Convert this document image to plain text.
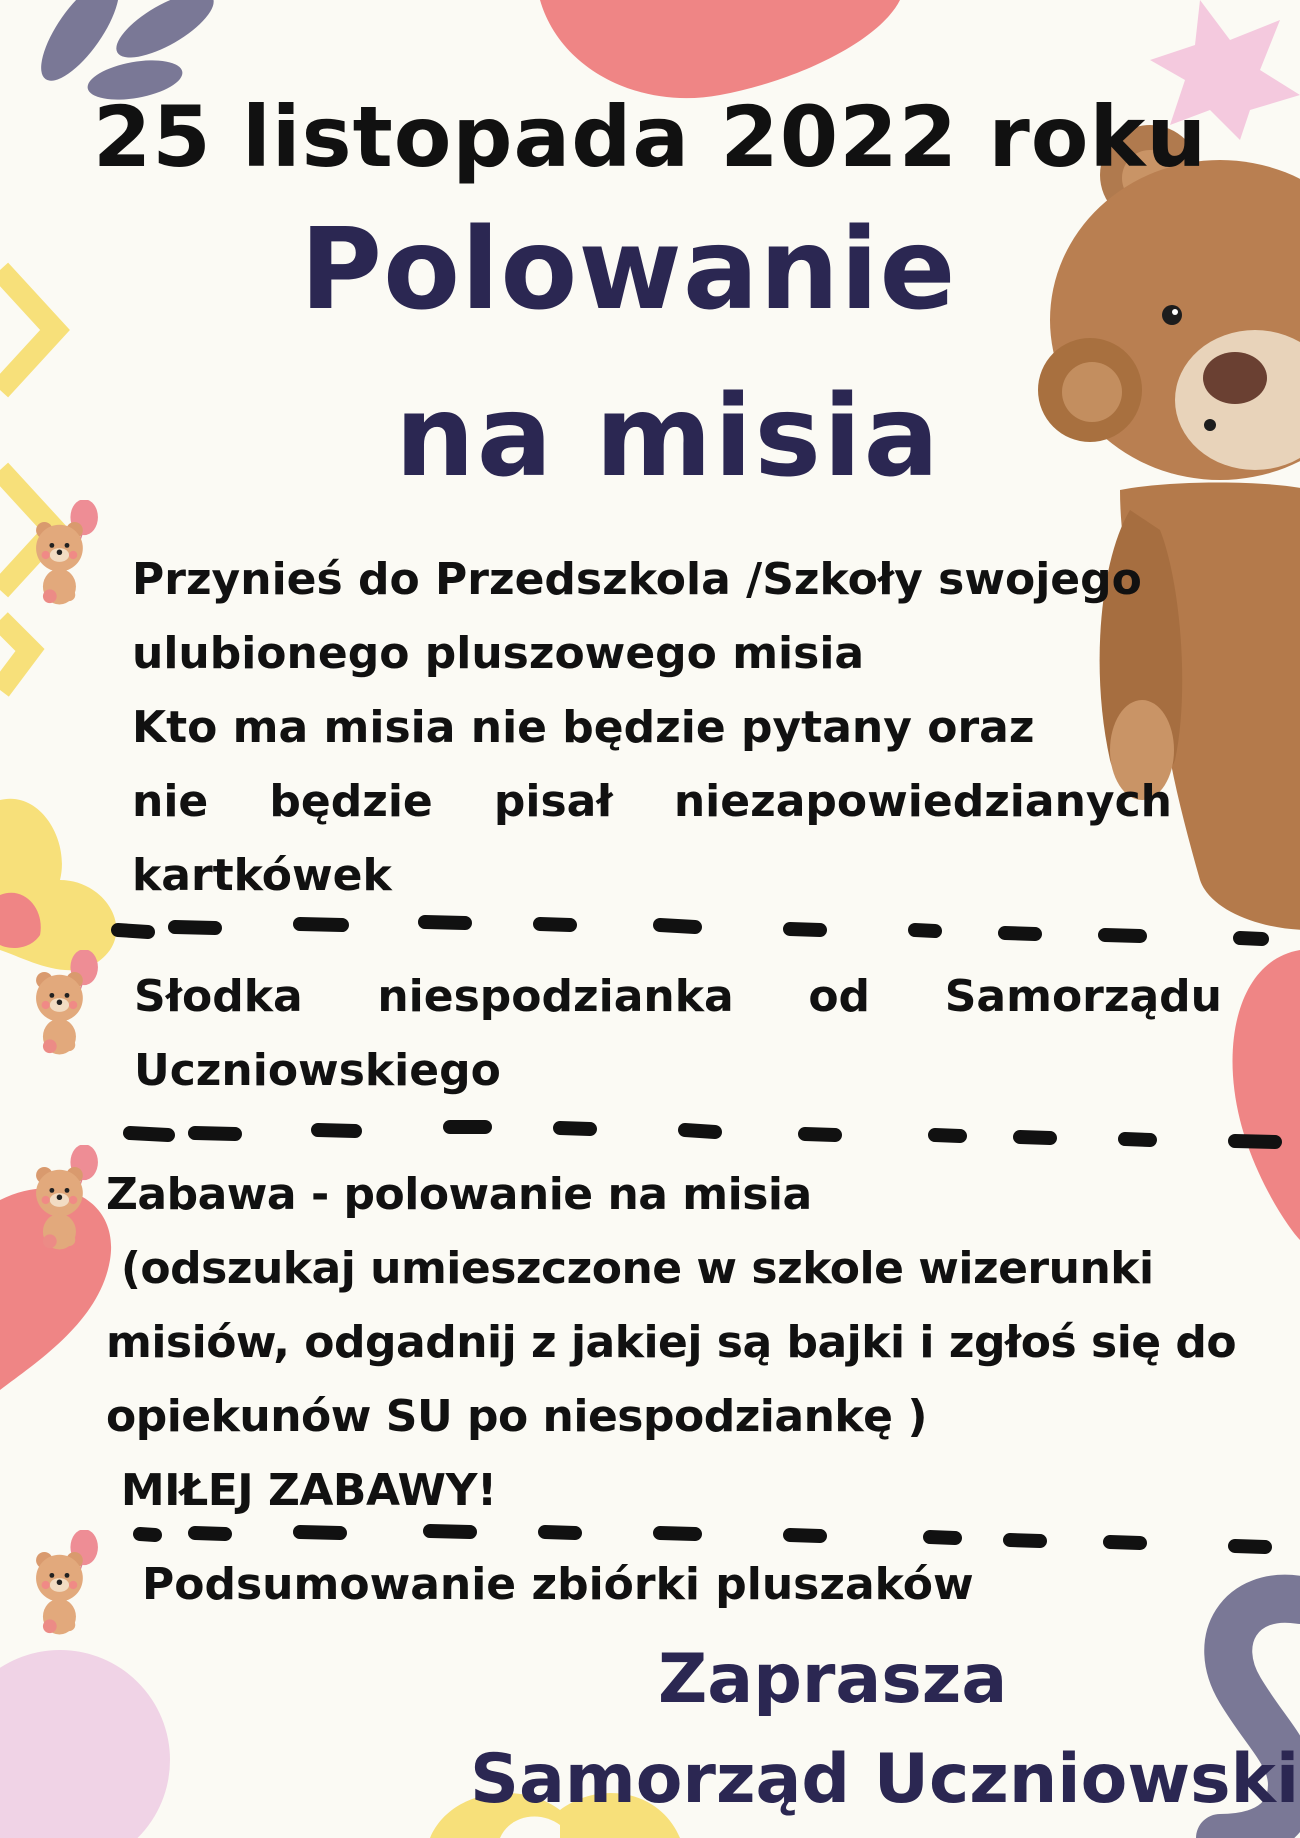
25 listopada 2022 roku
Polowanie
na misia
Przynieś do Przedszkola /Szkoły swojego
ulubionego pluszowego misia
Kto ma misia nie będzie pytany oraz
nie będzie pisał niezapowiedzianych
kartkówek
Słodka niespodzianka od Samorządu
Uczniowskiego
Zabawa - polowanie na misia
(odszukaj umieszczone w szkole wizerunki
misiów, odgadnij z jakiej są bajki i zgłoś się do
opiekunów SU po niespodziankę )
MIŁEJ ZABAWY!
Podsumowanie zbiórki pluszaków
Zaprasza
Samorząd Uczniowski
